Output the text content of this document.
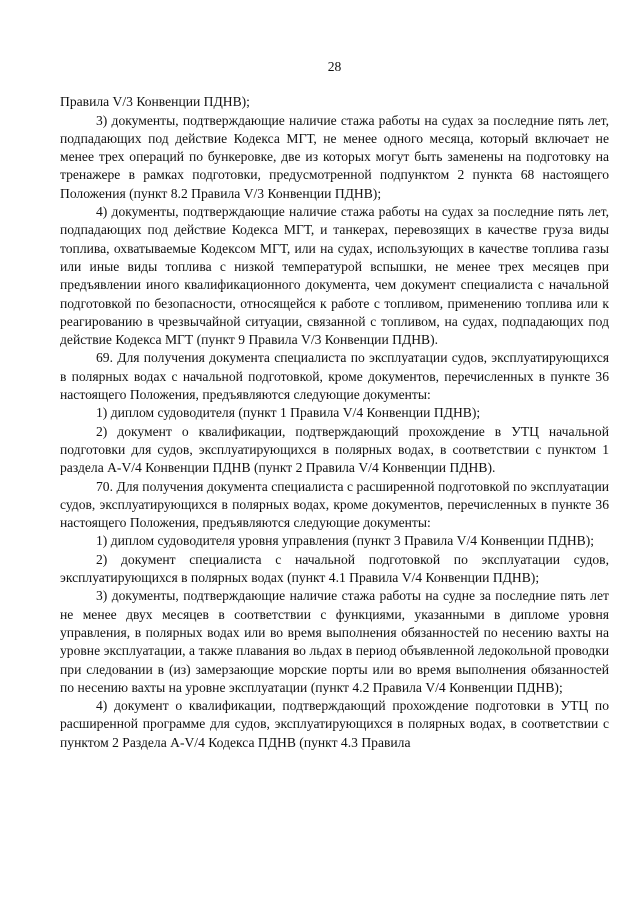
28

Правила V/3 Конвенции ПДНВ);

3) документы, подтверждающие наличие стажа работы на судах за последние пять лет, подпадающих под действие Кодекса МГТ, не менее одного месяца, который включает не менее трех операций по бункеровке, две из которых могут быть заменены на подготовку на тренажере в рамках подготовки, предусмотренной подпунктом 2 пункта 68 настоящего Положения (пункт 8.2 Правила V/3 Конвенции ПДНВ);

4) документы, подтверждающие наличие стажа работы на судах за последние пять лет, подпадающих под действие Кодекса МГТ, и танкерах, перевозящих в качестве груза виды топлива, охватываемые Кодексом МГТ, или на судах, использующих в качестве топлива газы или иные виды топлива с низкой температурой вспышки, не менее трех месяцев при предъявлении иного квалификационного документа, чем документ специалиста с начальной подготовкой по безопасности, относящейся к работе с топливом, применению топлива или к реагированию в чрезвычайной ситуации, связанной с топливом, на судах, подпадающих под действие Кодекса МГТ (пункт 9 Правила V/3 Конвенции ПДНВ).

69. Для получения документа специалиста по эксплуатации судов, эксплуатирующихся в полярных водах с начальной подготовкой, кроме документов, перечисленных в пункте 36 настоящего Положения, предъявляются следующие документы:

1) диплом судоводителя (пункт 1 Правила V/4 Конвенции ПДНВ);

2) документ о квалификации, подтверждающий прохождение в УТЦ начальной подготовки для судов, эксплуатирующихся в полярных водах, в соответствии с пунктом 1 раздела A-V/4 Конвенции ПДНВ (пункт 2 Правила V/4 Конвенции ПДНВ).

70. Для получения документа специалиста с расширенной подготовкой по эксплуатации судов, эксплуатирующихся в полярных водах, кроме документов, перечисленных в пункте 36 настоящего Положения, предъявляются следующие документы:

1) диплом судоводителя уровня управления (пункт 3 Правила V/4 Конвенции ПДНВ);

2) документ специалиста с начальной подготовкой по эксплуатации судов, эксплуатирующихся в полярных водах (пункт 4.1 Правила V/4 Конвенции ПДНВ);

3) документы, подтверждающие наличие стажа работы на судне за последние пять лет не менее двух месяцев в соответствии с функциями, указанными в дипломе уровня управления, в полярных водах или во время выполнения обязанностей по несению вахты на уровне эксплуатации, а также плавания во льдах в период объявленной ледокольной проводки при следовании в (из) замерзающие морские порты или во время выполнения обязанностей по несению вахты на уровне эксплуатации (пункт 4.2 Правила V/4 Конвенции ПДНВ);

4) документ о квалификации, подтверждающий прохождение подготовки в УТЦ по расширенной программе для судов, эксплуатирующихся в полярных водах, в соответствии с пунктом 2 Раздела A-V/4 Кодекса ПДНВ (пункт 4.3 Правила
